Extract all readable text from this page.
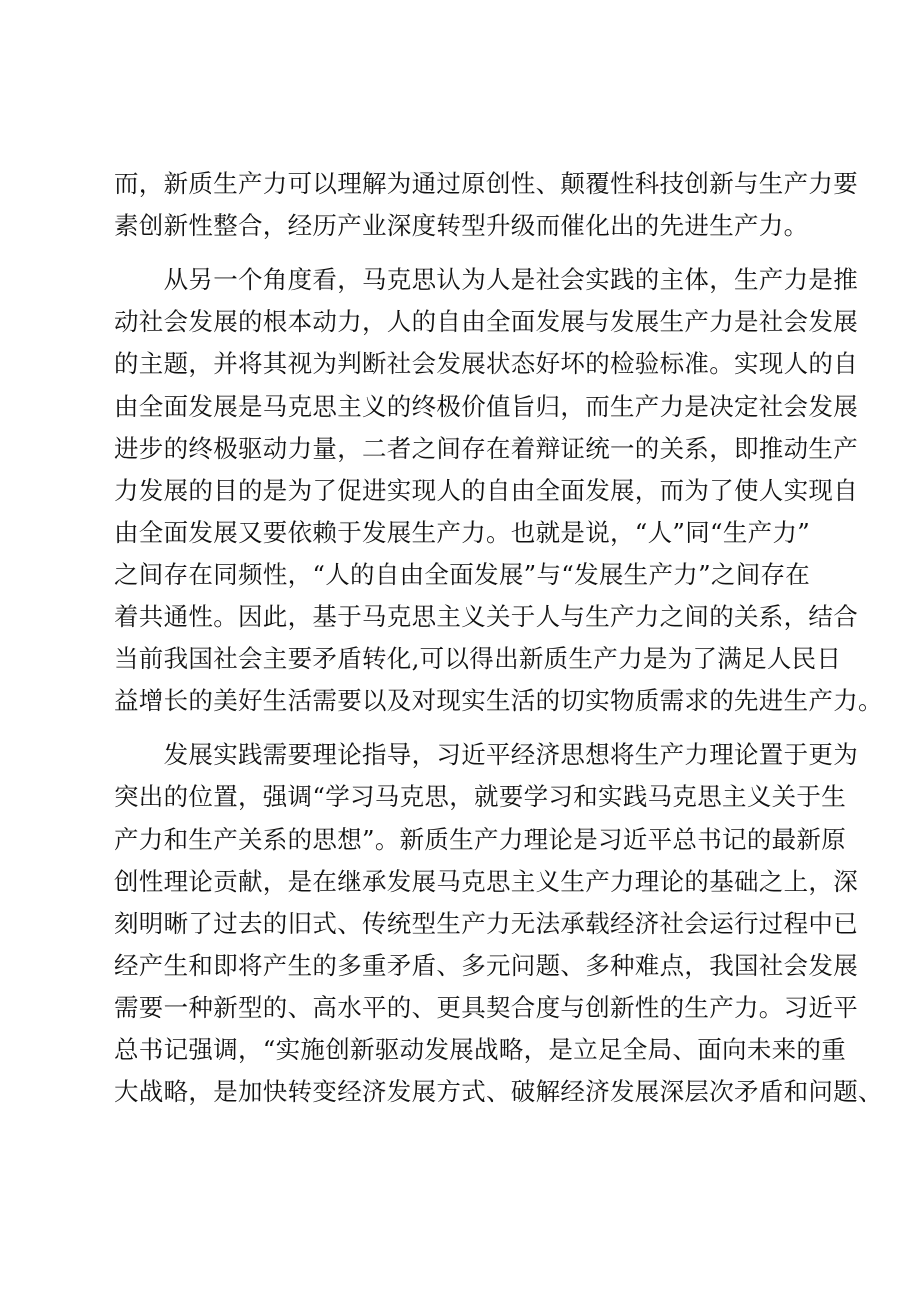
而，新质生产力可以理解为通过原创性、颠覆性科技创新与生产力要
素创新性整合，经历产业深度转型升级而催化出的先进生产力。
　　从另一个角度看，马克思认为人是社会实践的主体，生产力是推
动社会发展的根本动力，人的自由全面发展与发展生产力是社会发展
的主题，并将其视为判断社会发展状态好坏的检验标准。实现人的自
由全面发展是马克思主义的终极价值旨归，而生产力是决定社会发展
进步的终极驱动力量，二者之间存在着辩证统一的关系，即推动生产
力发展的目的是为了促进实现人的自由全面发展，而为了使人实现自
由全面发展又要依赖于发展生产力。也就是说，“人”同“生产力”
之间存在同频性，“人的自由全面发展”与“发展生产力”之间存在
着共通性。因此，基于马克思主义关于人与生产力之间的关系，结合
当前我国社会主要矛盾转化,可以得出新质生产力是为了满足人民日
益增长的美好生活需要以及对现实生活的切实物质需求的先进生产力。
　　发展实践需要理论指导，习近平经济思想将生产力理论置于更为
突出的位置，强调“学习马克思，就要学习和实践马克思主义关于生
产力和生产关系的思想”。新质生产力理论是习近平总书记的最新原
创性理论贡献，是在继承发展马克思主义生产力理论的基础之上，深
刻明晰了过去的旧式、传统型生产力无法承载经济社会运行过程中已
经产生和即将产生的多重矛盾、多元问题、多种难点，我国社会发展
需要一种新型的、高水平的、更具契合度与创新性的生产力。习近平
总书记强调，“实施创新驱动发展战略，是立足全局、面向未来的重
大战略，是加快转变经济发展方式、破解经济发展深层次矛盾和问题、
